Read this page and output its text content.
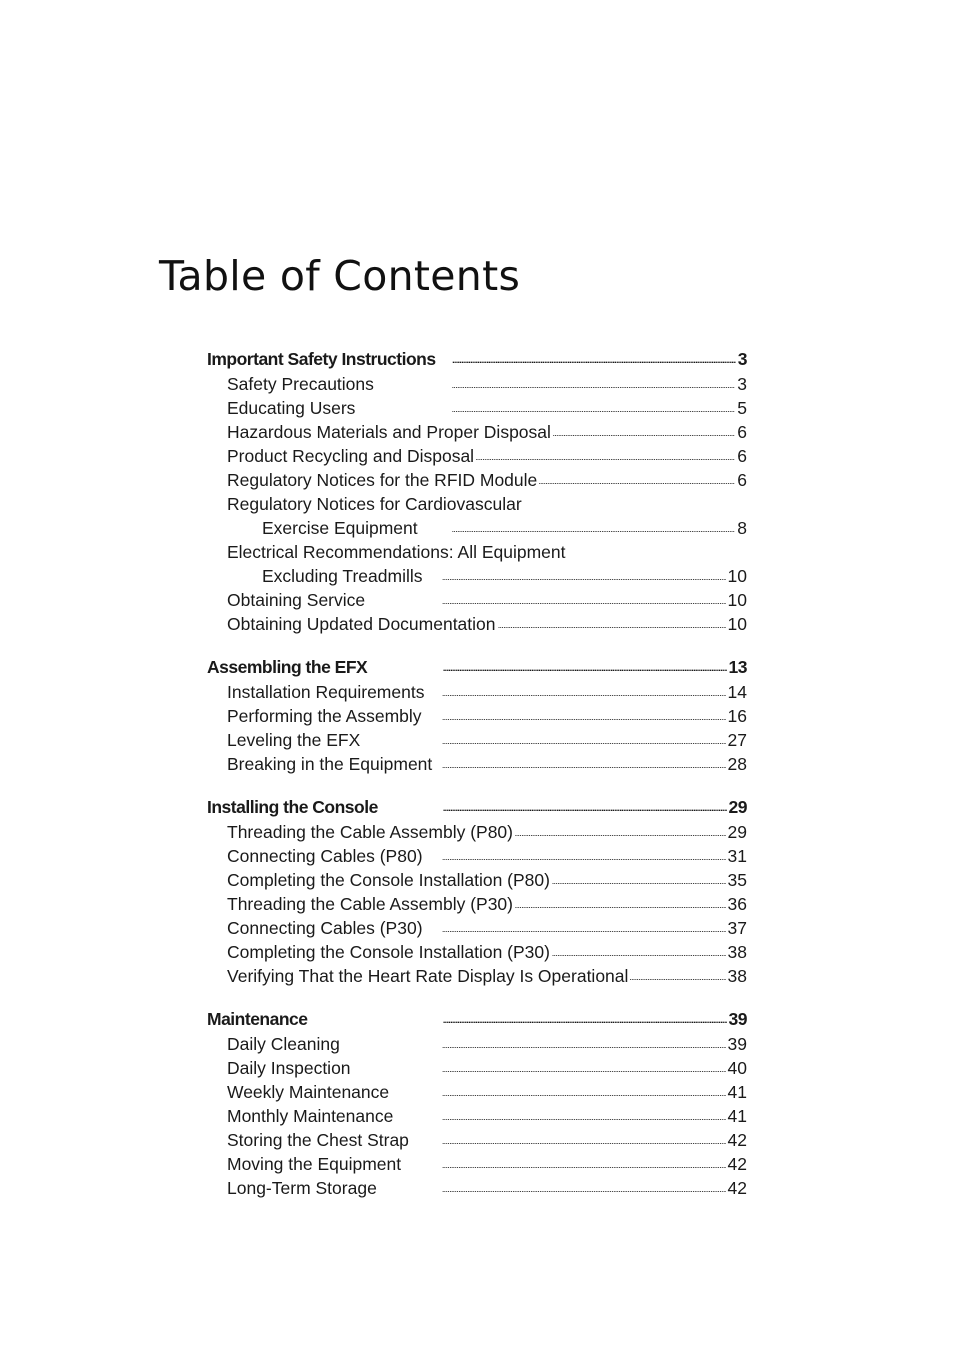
Table of Contents
Important Safety Instructions . . .	3
Safety Precautions . . .	3
Educating Users . . .	5
Hazardous Materials and Proper Disposal . . .	6
Product Recycling and Disposal . . .	6
Regulatory Notices for the RFID Module . . .	6
Regulatory Notices for Cardiovascular
Exercise Equipment . . .	8
Electrical Recommendations: All Equipment
Excluding Treadmills . . .	10
Obtaining Service . . .	10
Obtaining Updated Documentation . . .	10
Assembling the EFX . . .	13
Installation Requirements . . .	14
Performing the Assembly . . .	16
Leveling the EFX . . .	27
Breaking in the Equipment . . .	28
Installing the Console . . .	29
Threading the Cable Assembly (P80) . . .	29
Connecting Cables (P80) . . .	31
Completing the Console Installation (P80) . . .	35
Threading the Cable Assembly (P30) . . .	36
Connecting Cables (P30) . . .	37
Completing the Console Installation (P30) . . .	38
Verifying That the Heart Rate Display Is Operational . . .	38
Maintenance . . .	39
Daily Cleaning . . .	39
Daily Inspection . . .	40
Weekly Maintenance . . .	41
Monthly Maintenance . . .	41
Storing the Chest Strap . . .	42
Moving the Equipment . . .	42
Long-Term Storage . . .	42
